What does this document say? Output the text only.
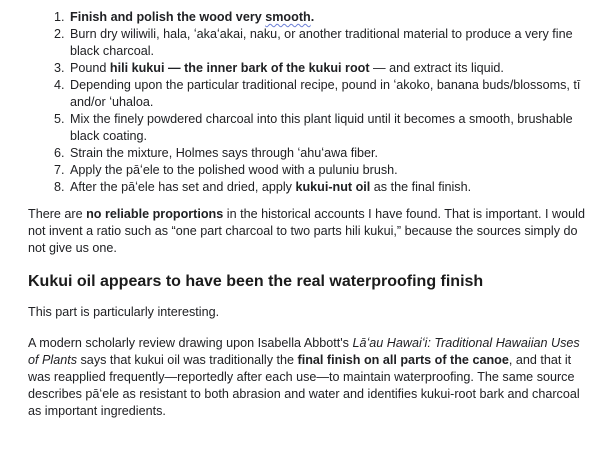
1. Finish and polish the wood very smooth.
2. Burn dry wiliwili, hala, ʻakaʻakai, naku, or another traditional material to produce a very fine black charcoal.
3. Pound hili kukui — the inner bark of the kukui root — and extract its liquid.
4. Depending upon the particular traditional recipe, pound in ʻakoko, banana buds/blossoms, tī and/or ʻuhaloa.
5. Mix the finely powdered charcoal into this plant liquid until it becomes a smooth, brushable black coating.
6. Strain the mixture, Holmes says through ʻahuʻawa fiber.
7. Apply the pāʻele to the polished wood with a puluniu brush.
8. After the pāʻele has set and dried, apply kukui-nut oil as the final finish.

There are no reliable proportions in the historical accounts I have found. That is important. I would not invent a ratio such as “one part charcoal to two parts hili kukui,” because the sources simply do not give us one.

Kukui oil appears to have been the real waterproofing finish

This part is particularly interesting.

A modern scholarly review drawing upon Isabella Abbott's Lāʻau Hawaiʻi: Traditional Hawaiian Uses of Plants says that kukui oil was traditionally the final finish on all parts of the canoe, and that it was reapplied frequently—reportedly after each use—to maintain waterproofing. The same source describes pāʻele as resistant to both abrasion and water and identifies kukui-root bark and charcoal as important ingredients.
